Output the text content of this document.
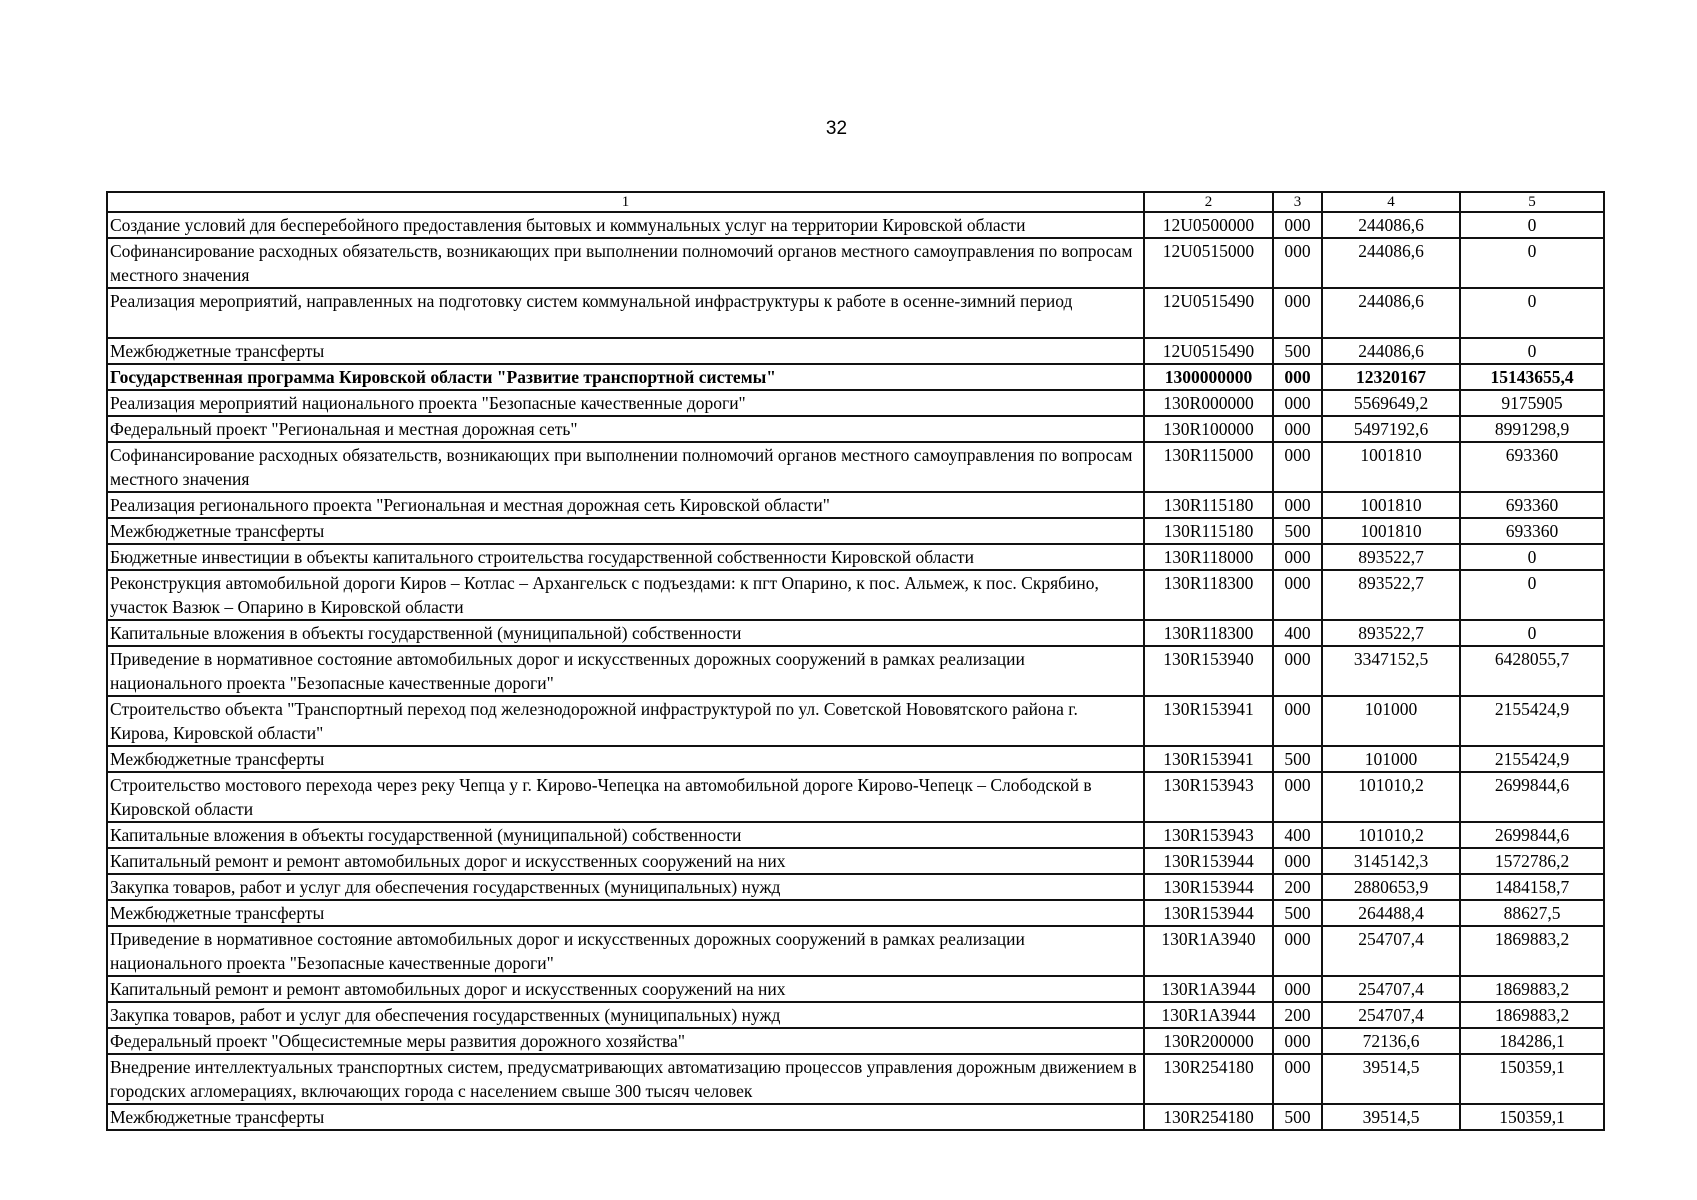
32
1	2	3	4	5
Создание условий для бесперебойного предоставления бытовых и коммунальных услуг на территории Кировской области	12U0500000	000	244086,6	0
Софинансирование расходных обязательств, возникающих при выполнении полномочий органов местного самоуправления по вопросам местного значения	12U0515000	000	244086,6	0
Реализация мероприятий, направленных на подготовку систем коммунальной инфраструктуры к работе в осенне-зимний период	12U0515490	000	244086,6	0
Межбюджетные трансферты	12U0515490	500	244086,6	0
Государственная программа Кировской области "Развитие транспортной системы"	1300000000	000	12320167	15143655,4
Реализация мероприятий национального проекта "Безопасные качественные дороги"	130R000000	000	5569649,2	9175905
Федеральный проект "Региональная и местная дорожная сеть"	130R100000	000	5497192,6	8991298,9
Софинансирование расходных обязательств, возникающих при выполнении полномочий органов местного самоуправления по вопросам местного значения	130R115000	000	1001810	693360
Реализация регионального проекта "Региональная и местная дорожная сеть Кировской области"	130R115180	000	1001810	693360
Межбюджетные трансферты	130R115180	500	1001810	693360
Бюджетные инвестиции в объекты капитального строительства государственной собственности Кировской области	130R118000	000	893522,7	0
Реконструкция автомобильной дороги Киров – Котлас – Архангельск с подъездами: к пгт Опарино, к пос. Альмеж, к пос. Скрябино, участок Вазюк – Опарино в Кировской области	130R118300	000	893522,7	0
Капитальные вложения в объекты государственной (муниципальной) собственности	130R118300	400	893522,7	0
Приведение в нормативное состояние автомобильных дорог и искусственных дорожных сооружений в рамках реализации национального проекта "Безопасные качественные дороги"	130R153940	000	3347152,5	6428055,7
Строительство объекта "Транспортный переход под железнодорожной инфраструктурой по ул. Советской Нововятского района г. Кирова, Кировской области"	130R153941	000	101000	2155424,9
Межбюджетные трансферты	130R153941	500	101000	2155424,9
Строительство мостового перехода через реку Чепца у г. Кирово-Чепецка на автомобильной дороге Кирово-Чепецк – Слободской в Кировской области	130R153943	000	101010,2	2699844,6
Капитальные вложения в объекты государственной (муниципальной) собственности	130R153943	400	101010,2	2699844,6
Капитальный ремонт и ремонт автомобильных дорог и искусственных сооружений на них	130R153944	000	3145142,3	1572786,2
Закупка товаров, работ и услуг для обеспечения государственных (муниципальных) нужд	130R153944	200	2880653,9	1484158,7
Межбюджетные трансферты	130R153944	500	264488,4	88627,5
Приведение в нормативное состояние автомобильных дорог и искусственных дорожных сооружений в рамках реализации национального проекта "Безопасные качественные дороги"	130R1A3940	000	254707,4	1869883,2
Капитальный ремонт и ремонт автомобильных дорог и искусственных сооружений на них	130R1A3944	000	254707,4	1869883,2
Закупка товаров, работ и услуг для обеспечения государственных (муниципальных) нужд	130R1A3944	200	254707,4	1869883,2
Федеральный проект "Общесистемные меры развития дорожного хозяйства"	130R200000	000	72136,6	184286,1
Внедрение интеллектуальных транспортных систем, предусматривающих автоматизацию процессов управления дорожным движением в городских агломерациях, включающих города с населением свыше 300 тысяч человек	130R254180	000	39514,5	150359,1
Межбюджетные трансферты	130R254180	500	39514,5	150359,1
